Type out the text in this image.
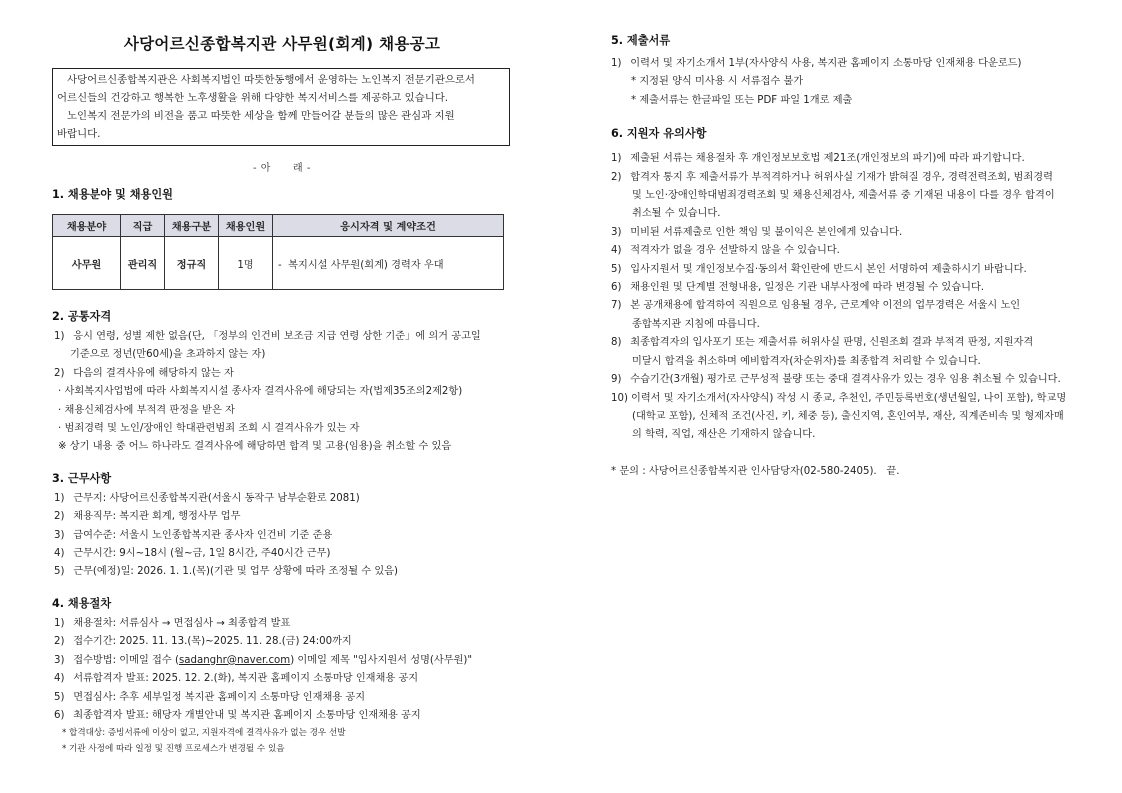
사당어르신종합복지관 사무원(회계) 채용공고

사당어르신종합복지관은 사회복지법인 따뜻한동행에서 운영하는 노인복지 전문기관으로서

어르신들의 건강하고 행복한 노후생활을 위해 다양한 복지서비스를 제공하고 있습니다.

노인복지 전문가의 비전을 품고 따뜻한 세상을 함께 만들어갈 분들의 많은 관심과 지원

바랍니다.

- 아      래 -
1. 채용분야 및 채용인원
채용분야	직급	채용구분	채용인원	응시자격 및 계약조건
사무원	관리직	정규직	1명	-  복지시설 사무원(회계) 경력자 우대
2. 공통자격
1) 응시 연령, 성별 제한 없음(단, 「정부의 인건비 보조금 지급 연령 상한 기준」에 의거 공고일
기준으로 정년(만60세)을 초과하지 않는 자)
2) 다음의 결격사유에 해당하지 않는 자
· 사회복지사업법에 따라 사회복지시설 종사자 결격사유에 해당되는 자(법제35조의2제2항)
· 채용신체검사에 부적격 판정을 받은 자
· 범죄경력 및 노인/장애인 학대관련범죄 조회 시 결격사유가 있는 자
※ 상기 내용 중 어느 하나라도 결격사유에 해당하면 합격 및 고용(임용)을 취소할 수 있음
3. 근무사항
1) 근무지: 사당어르신종합복지관(서울시 동작구 남부순환로 2081)
2) 채용직무: 복지관 회계, 행정사무 업무
3) 급여수준: 서울시 노인종합복지관 종사자 인건비 기준 준용
4) 근무시간: 9시~18시 (월~금, 1일 8시간, 주40시간 근무)
5) 근무(예정)일: 2026. 1. 1.(목)(기관 및 업무 상황에 따라 조정될 수 있음)
4. 채용절차
1) 채용절차: 서류심사 → 면접심사 → 최종합격 발표
2) 접수기간: 2025. 11. 13.(목)~2025. 11. 28.(금) 24:00까지
3) 접수방법: 이메일 접수 (sadanghr@naver.com) 이메일 제목 "입사지원서 성명(사무원)"
4) 서류합격자 발표: 2025. 12. 2.(화), 복지관 홈페이지 소통마당 인재채용 공지
5) 면접심사: 추후 세부일정 복지관 홈페이지 소통마당 인재채용 공지
6) 최종합격자 발표: 해당자 개별안내 및 복지관 홈페이지 소통마당 인재채용 공지
* 합격대상: 증빙서류에 이상이 없고, 지원자격에 결격사유가 없는 경우 선발
* 기관 사정에 따라 일정 및 진행 프로세스가 변경될 수 있음
5. 제출서류
1) 이력서 및 자기소개서 1부(자사양식 사용, 복지관 홈페이지 소통마당 인재채용 다운로드)
* 지정된 양식 미사용 시 서류접수 불가
* 제출서류는 한글파일 또는 PDF 파일 1개로 제출
6. 지원자 유의사항
1) 제출된 서류는 채용절차 후 개인정보보호법 제21조(개인정보의 파기)에 따라 파기합니다.
2) 합격자 통지 후 제출서류가 부적격하거나 허위사실 기재가 밝혀질 경우, 경력전력조회, 범죄경력
및 노인·장애인학대범죄경력조회 및 채용신체검사, 제출서류 중 기재된 내용이 다를 경우 합격이
취소될 수 있습니다.
3) 미비된 서류제출로 인한 책임 및 불이익은 본인에게 있습니다.
4) 적격자가 없을 경우 선발하지 않을 수 있습니다.
5) 입사지원서 및 개인정보수집·동의서 확인란에 반드시 본인 서명하여 제출하시기 바랍니다.
6) 채용인원 및 단계별 전형내용, 일정은 기관 내부사정에 따라 변경될 수 있습니다.
7) 본 공개채용에 합격하여 직원으로 임용될 경우, 근로계약 이전의 업무경력은 서울시 노인
종합복지관 지침에 따릅니다.
8) 최종합격자의 입사포기 또는 제출서류 허위사실 판명, 신원조회 결과 부적격 판정, 지원자격
미달시 합격을 취소하며 예비합격자(차순위자)를 최종합격 처리할 수 있습니다.
9) 수습기간(3개월) 평가로 근무성적 불량 또는 중대 결격사유가 있는 경우 임용 취소될 수 있습니다.
10) 이력서 및 자기소개서(자사양식) 작성 시 종교, 추천인, 주민등록번호(생년월일, 나이 포함), 학교명
(대학교 포함), 신체적 조건(사진, 키, 체중 등), 출신지역, 혼인여부, 재산, 직계존비속 및 형제자매
의 학력, 직업, 재산은 기재하지 않습니다.
* 문의 : 사당어르신종합복지관 인사담당자(02-580-2405).   끝.
